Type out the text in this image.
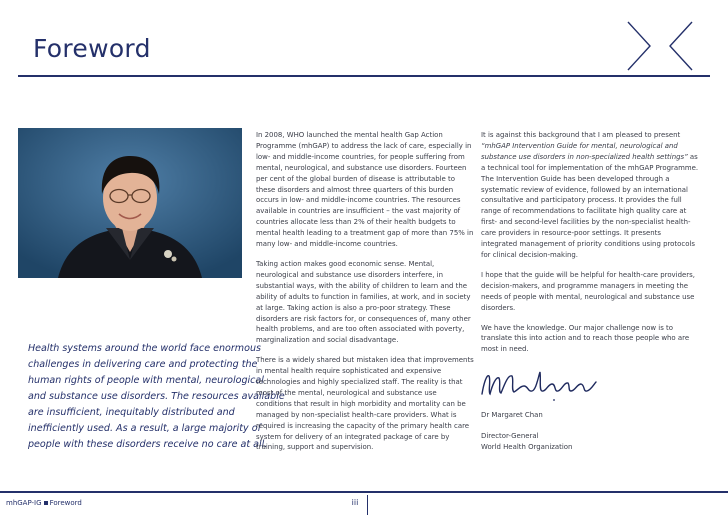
Foreword

Health systems around the world face enormous
challenges in delivering care and protecting the
human rights of people with mental, neurological
and substance use disorders. The resources available
are insufficient, inequitably distributed and
inefficiently used. As a result, a large majority of
people with these disorders receive no care at all.

In 2008, WHO launched the mental health Gap Action Programme (mhGAP) to address the lack of care, especially in low- and middle-income countries, for people suffering from mental, neurological, and substance use disorders. Fourteen per cent of the global burden of disease is attributable to these disorders and almost three quarters of this burden occurs in low- and middle-income countries. The resources available in countries are insufficient – the vast majority of countries allocate less than 2% of their health budgets to mental health leading to a treatment gap of more than 75% in many low- and middle-income countries.

Taking action makes good economic sense. Mental, neurological and substance use disorders interfere, in substantial ways, with the ability of children to learn and the ability of adults to function in families, at work, and in society at large. Taking action is also a pro-poor strategy. These disorders are risk factors for, or consequences of, many other health problems, and are too often associated with poverty, marginalization and social disadvantage.

There is a widely shared but mistaken idea that improvements in mental health require sophisticated and expensive technologies and highly specialized staff. The reality is that most of the mental, neurological and substance use conditions that result in high morbidity and mortality can be managed by non-specialist health-care providers. What is required is increasing the capacity of the primary health care system for delivery of an integrated package of care by training, support and supervision.

It is against this background that I am pleased to present “mhGAP Intervention Guide for mental, neurological and substance use disorders in non-specialized health settings” as a technical tool for implementation of the mhGAP Programme. The Intervention Guide has been developed through a systematic review of evidence, followed by an international consultative and participatory process. It provides the full range of recommendations to facilitate high quality care at first- and second-level facilities by the non-specialist health-care providers in resource-poor settings. It presents integrated management of priority conditions using protocols for clinical decision-making.

I hope that the guide will be helpful for health-care providers, decision-makers, and programme managers in meeting the needs of people with mental, neurological and substance use disorders.

We have the knowledge. Our major challenge now is to translate this into action and to reach those people who are most in need.

Dr Margaret Chan
Director-General
World Health Organization
mhGAP-IG Foreword	iii
